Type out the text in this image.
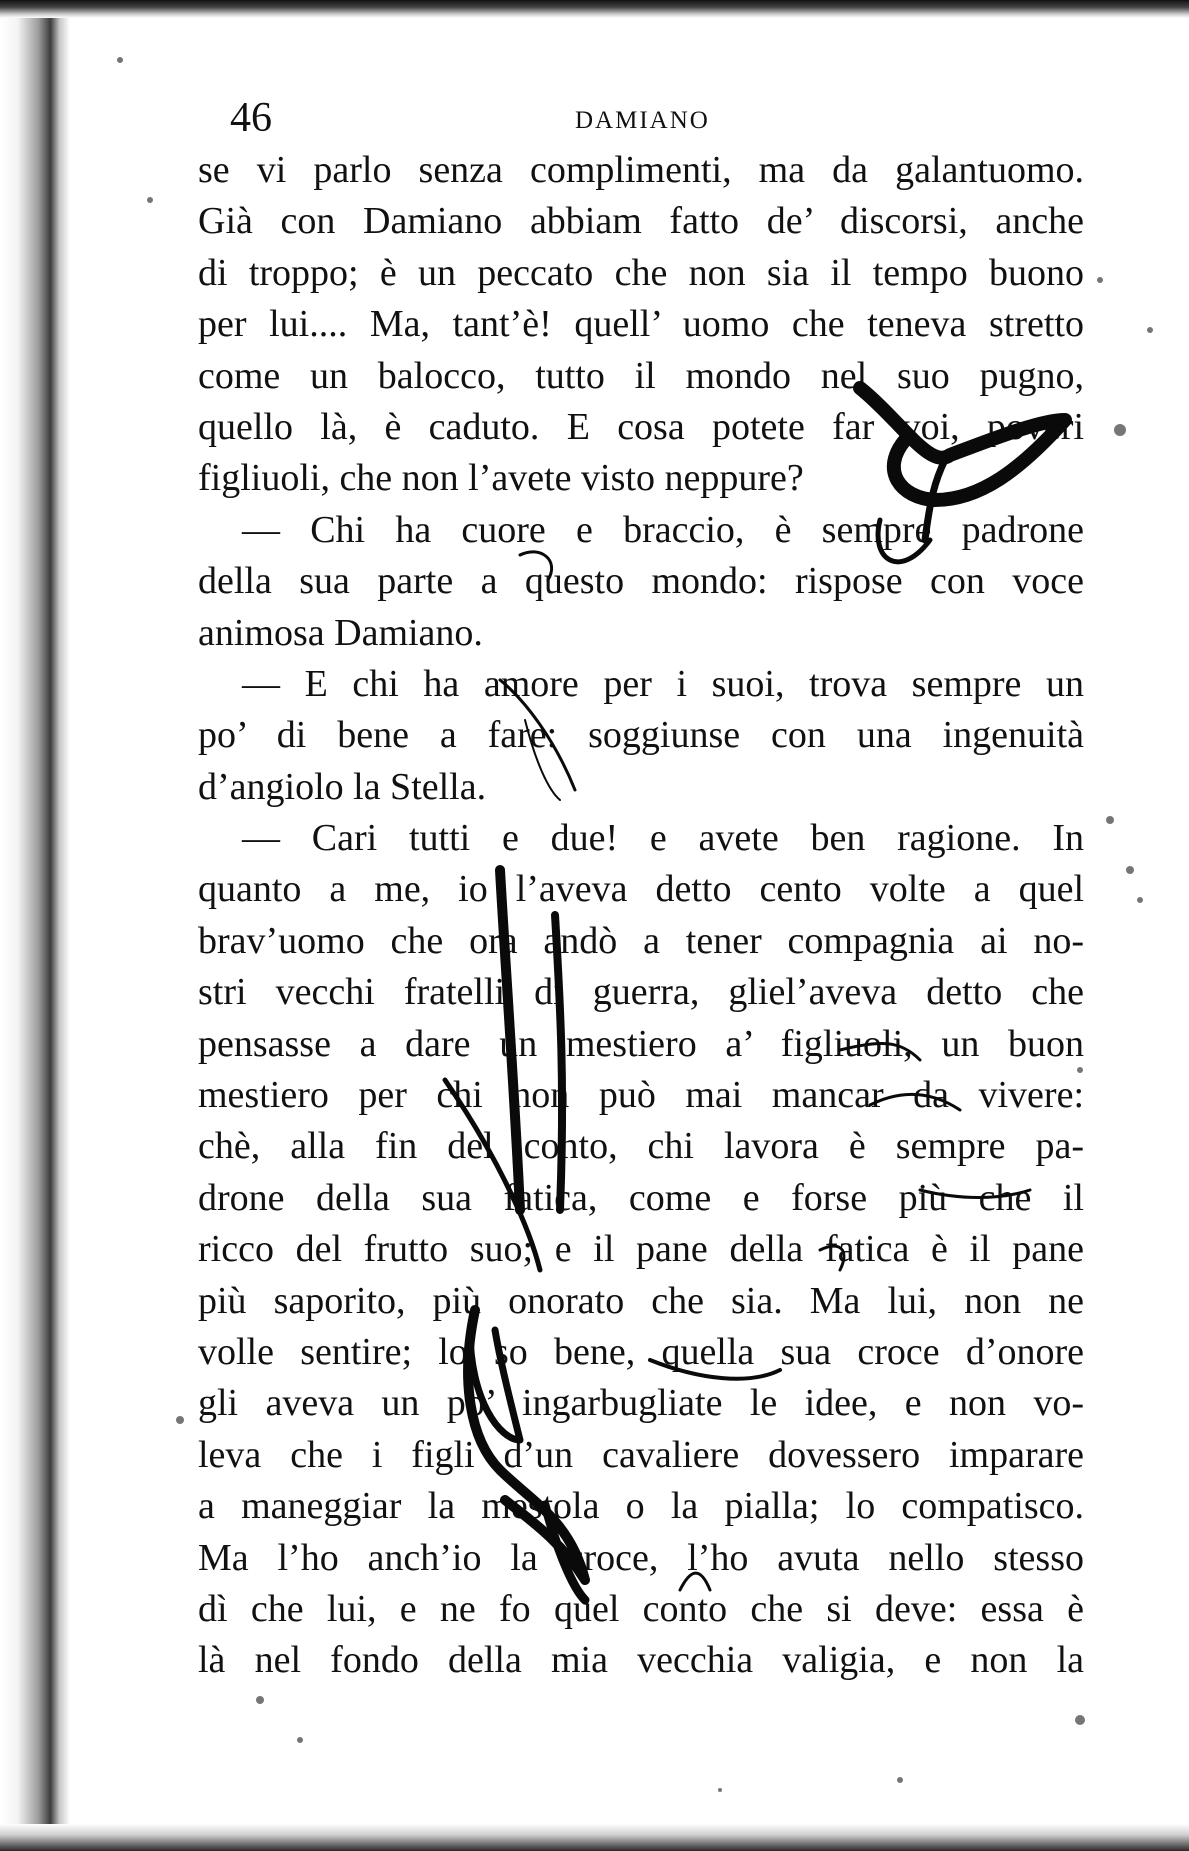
46	DAMIANO
se vi parlo senza complimenti, ma da galantuomo.
Già con Damiano abbiam fatto de’ discorsi, anche
di troppo; è un peccato che non sia il tempo buono
per lui.... Ma, tant’è! quell’ uomo che teneva stretto
come un balocco, tutto il mondo nel suo pugno,
quello là, è caduto. E cosa potete far voi, poveri
figliuoli, che non l’avete visto neppure?
— Chi ha cuore e braccio, è sempre padrone
della sua parte a questo mondo: rispose con voce
animosa Damiano.
— E chi ha amore per i suoi, trova sempre un
po’ di bene a fare: soggiunse con una ingenuità
d’angiolo la Stella.
— Cari tutti e due! e avete ben ragione. In
quanto a me, io l’aveva detto cento volte a quel
brav’uomo che ora andò a tener compagnia ai no-
stri vecchi fratelli di guerra, gliel’aveva detto che
pensasse a dare un mestiero a’ figliuoli, un buon
mestiero per chi non può mai mancar da vivere:
chè, alla fin del conto, chi lavora è sempre pa-
drone della sua fatica, come e forse più che il
ricco del frutto suo; e il pane della fatica è il pane
più saporito, più onorato che sia. Ma lui, non ne
volle sentire; lo so bene, quella sua croce d’onore
gli aveva un po’ ingarbugliate le idee, e non vo-
leva che i figli d’un cavaliere dovessero imparare
a maneggiar la mestola o la pialla; lo compatisco.
Ma l’ho anch’io la croce, l’ho avuta nello stesso
dì che lui, e ne fo quel conto che si deve: essa è
là nel fondo della mia vecchia valigia, e non la
